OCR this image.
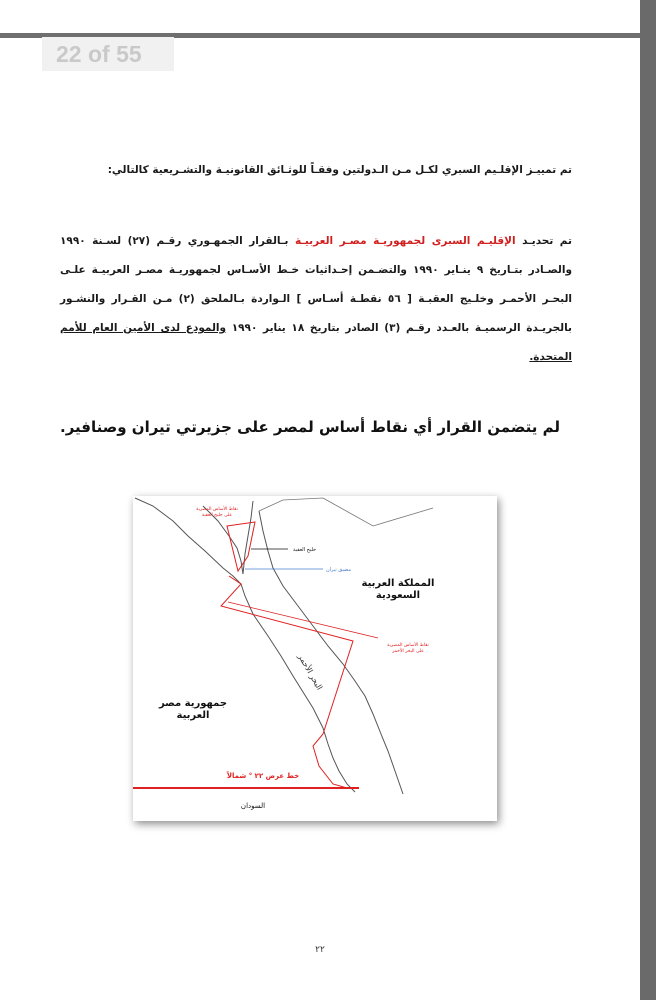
22 of 55
تم تمييـز الإقلـيم السبري لكـل مـن الـدولتين وفقـاً للوثـائق القانونيـة والتشـريعية كالتالي:
تم تحديـد الإقليـم السبرى لجمهوريـة مصـر العربيـة بـالقرار الجمهـوري رقـم (٢٧) لسـنة ١٩٩٠ والصـادر بتـاريخ ٩ ينـاير ١٩٩٠ والتضـمن إحـداثيات خـط الأسـاس لجمهوريـة مصـر العربيـة علـى البحـر الأحمـر وخلـيج العقبـة [ ٥٦ نقطـة أسـاس ] الـواردة بـالملحق (٢) مـن القـرار والنشـور بالجريـدة الرسميـة بالعـدد رقـم (٣) الصادر بتاريخ ١٨ يناير ١٩٩٠ والمودع لدى الأمين العام للأمم المتحدة.
لم يتضمن القرار أي نقاط أساس لمصر على جزيرتي تيران وصنافير.
نقاط الأساس المصرية على خليج العقبة
خليج العقبة
مضيق تيران
المملكة العربية السعودية
نقاط الأساس المصرية على البحر الأحمر
البحر الأحمر
جمهورية مصر العربية
خط عرض ٢٢ ° شمالاً
السودان
٢٢
